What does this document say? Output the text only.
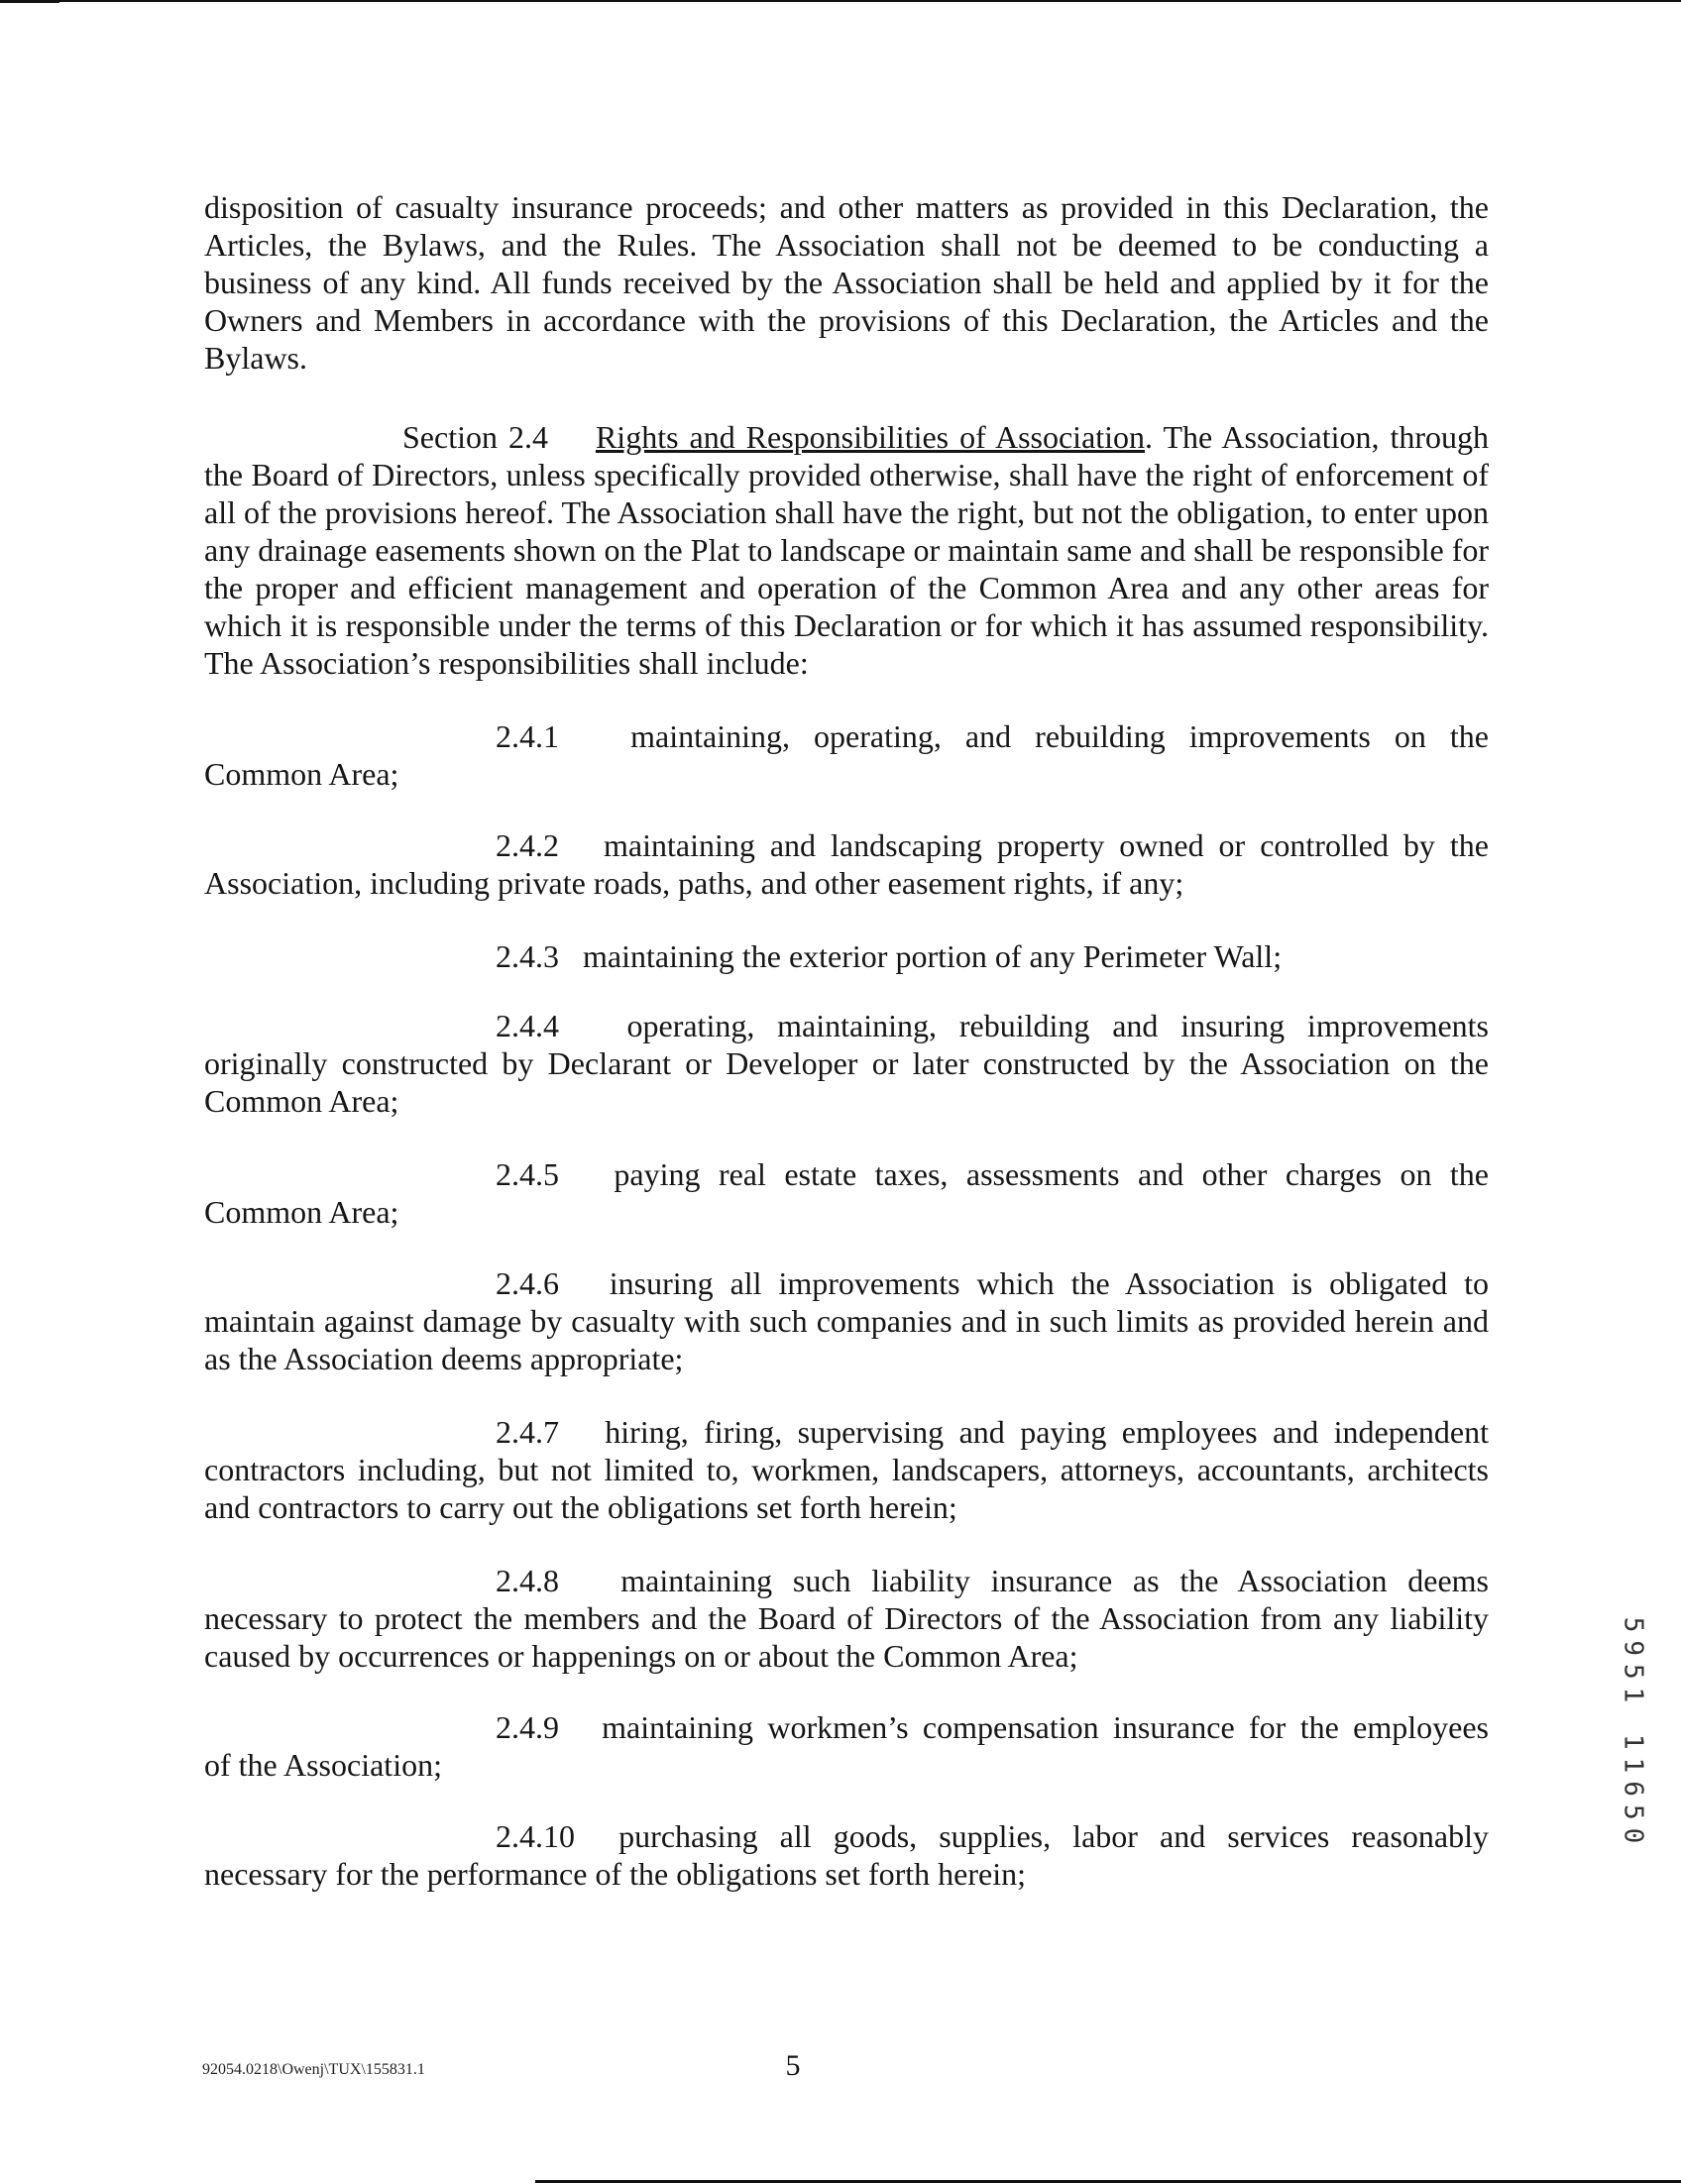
disposition of casualty insurance proceeds; and other matters as provided in this Declaration, the Articles, the Bylaws, and the Rules. The Association shall not be deemed to be conducting a business of any kind. All funds received by the Association shall be held and applied by it for the Owners and Members in accordance with the provisions of this Declaration, the Articles and the Bylaws.

Section 2.4 Rights and Responsibilities of Association. The Association, through the Board of Directors, unless specifically provided otherwise, shall have the right of enforcement of all of the provisions hereof. The Association shall have the right, but not the obligation, to enter upon any drainage easements shown on the Plat to landscape or maintain same and shall be responsible for the proper and efficient management and operation of the Common Area and any other areas for which it is responsible under the terms of this Declaration or for which it has assumed responsibility. The Association’s responsibilities shall include:

2.4.1 maintaining, operating, and rebuilding improvements on the

Common Area;

2.4.2 maintaining and landscaping property owned or controlled by the

Association, including private roads, paths, and other easement rights, if any;

2.4.3 maintaining the exterior portion of any Perimeter Wall;

2.4.4 operating, maintaining, rebuilding and insuring improvements

originally constructed by Declarant or Developer or later constructed by the Association on the Common Area;

2.4.5 paying real estate taxes, assessments and other charges on the

Common Area;

2.4.6 insuring all improvements which the Association is obligated to

maintain against damage by casualty with such companies and in such limits as provided herein and as the Association deems appropriate;

2.4.7 hiring, firing, supervising and paying employees and independent

contractors including, but not limited to, workmen, landscapers, attorneys, accountants, architects and contractors to carry out the obligations set forth herein;

2.4.8 maintaining such liability insurance as the Association deems

necessary to protect the members and the Board of Directors of the Association from any liability caused by occurrences or happenings on or about the Common Area;

2.4.9 maintaining workmen’s compensation insurance for the employees

of the Association;

2.4.10 purchasing all goods, supplies, labor and services reasonably

necessary for the performance of the obligations set forth herein;

5951 11650
92054.0218\Owenj\TUX\155831.1	5
